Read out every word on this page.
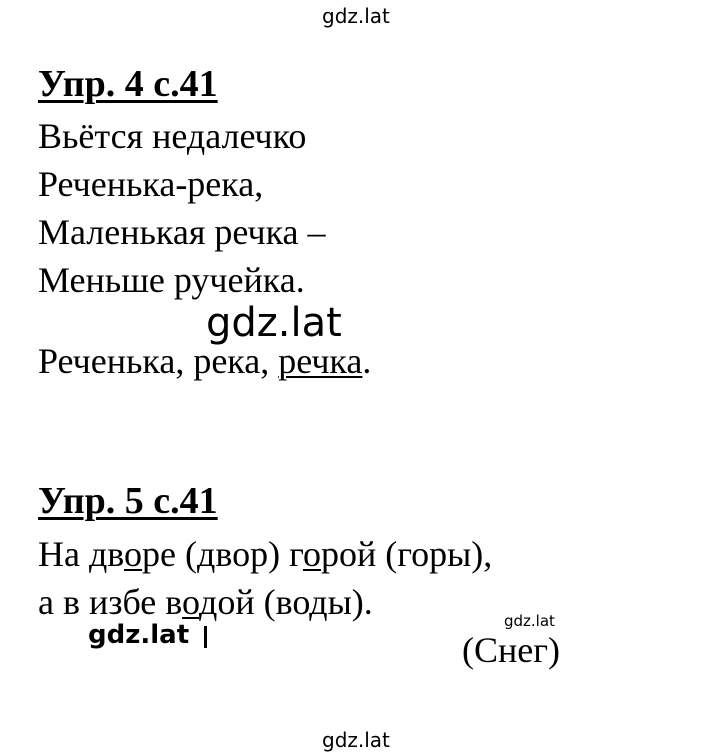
gdz.lat
Упр. 4 с.41
Вьётся недалечко
Реченька-река,
Маленькая речка –
Меньше ручейка.
gdz.lat
Реченька, река, речка.
Упр. 5 с.41
На дворе (двор) горой (горы),
а в избе водой (воды).
gdz.lat	gdz.lat
(Снег)
gdz.lat
